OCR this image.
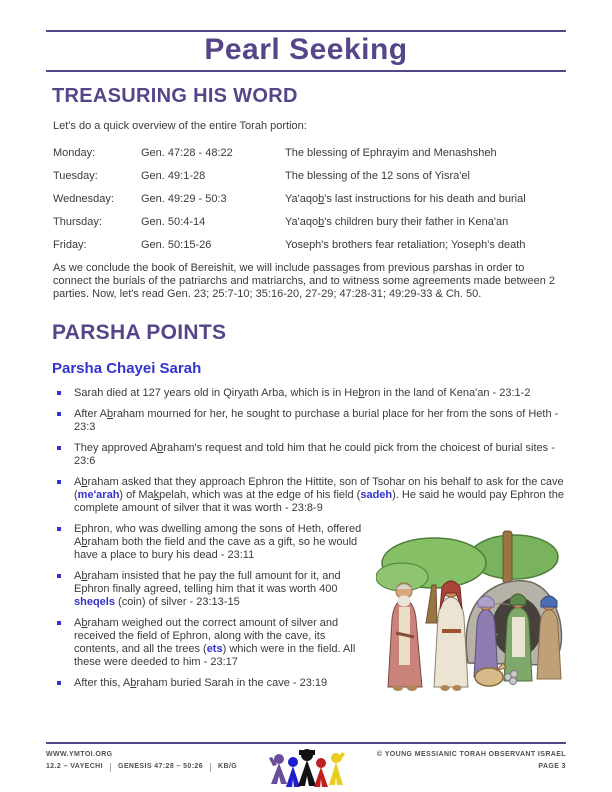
Pearl Seeking
TREASURING HIS WORD
Let's do a quick overview of the entire Torah portion:
Monday:	Gen. 47:28 - 48:22	The blessing of Ephrayim and Menashsheh
Tuesday:	Gen. 49:1-28	The blessing of the 12 sons of Yisra'el
Wednesday:	Gen. 49:29 - 50:3	Ya'aqob's last instructions for his death and burial
Thursday:	Gen. 50:4-14	Ya'aqob's children bury their father in Kena'an
Friday:	Gen. 50:15-26	Yoseph's brothers fear retaliation; Yoseph's death
As we conclude the book of Bereishit, we will include passages from previous parshas in order to connect the burials of the patriarchs and matriarchs, and to witness some agreements made between 2 parties. Now, let's read Gen. 23; 25:7-10; 35:16-20, 27-29; 47:28-31; 49:29-33 & Ch. 50.
PARSHA POINTS
Parsha Chayei Sarah
Sarah died at 127 years old in Qiryath Arba, which is in Hebron in the land of Kena'an - 23:1-2
After Abraham mourned for her, he sought to purchase a burial place for her from the sons of Heth - 23:3
They approved Abraham's request and told him that he could pick from the choicest of burial sites - 23:6
Abraham asked that they approach Ephron the Hittite, son of Tsohar on his behalf to ask for the cave (me'arah) of Makpelah, which was at the edge of his field (sadeh). He said he would pay Ephron the complete amount of silver that it was worth - 23:8-9
Ephron, who was dwelling among the sons of Heth, offered Abraham both the field and the cave as a gift, so he would have a place to bury his dead - 23:11
Abraham insisted that he pay the full amount for it, and Ephron finally agreed, telling him that it was worth 400 sheqels (coin) of silver - 23:13-15
Abraham weighed out the correct amount of silver and received the field of Ephron, along with the cave, its contents, and all the trees (ets) which were in the field. All these were deeded to him - 23:17
After this, Abraham buried Sarah in the cave - 23:19
WWW.YMTOI.ORG
12.2 – VAYECHI GENESIS 47:28 – 50:26 KB/G
© YOUNG MESSIANIC TORAH OBSERVANT ISRAEL
PAGE 3
